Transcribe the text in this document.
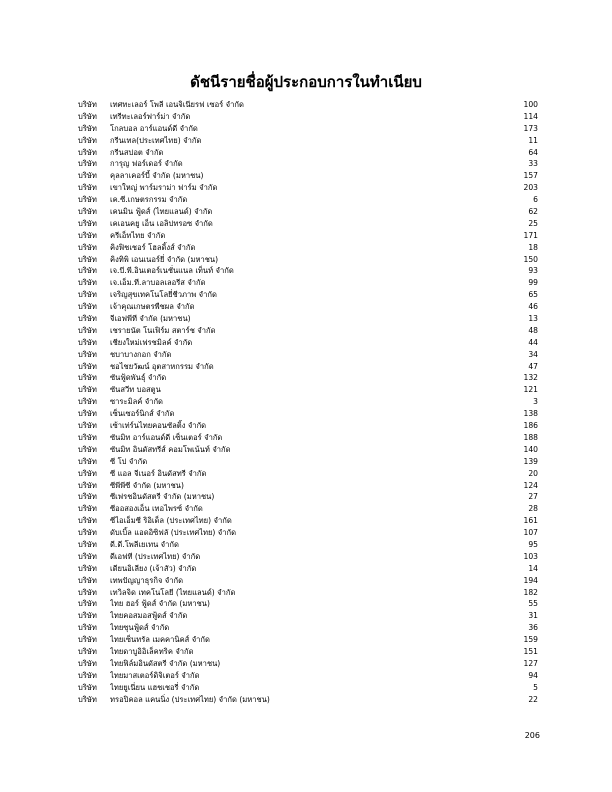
ดัชนีรายชื่อผู้ประกอบการในทำเนียบ
บริษัท	เทศทะเลอร์ โพลี เอนจิเนียรฟ เซอร์ จำกัด	100
บริษัท	เทรีทะเลอร์ฟาร์ม่า จำกัด	114
บริษัท	โกลบอล อาร์แอนด์ดี จำกัด	173
บริษัท	กรีนเทล(ประเทศไทย) จำกัด	11
บริษัท	กรีนสปอต จำกัด	64
บริษัท	การุญ ฟอร์เดอร์ จำกัด	33
บริษัท	คุลลาเคอร์บี้ จำกัด (มหาชน)	157
บริษัท	เขาใหญ่ พาร์มราม่า ฟาร์ม จำกัด	203
บริษัท	เค.ซี.เกษตรกรรม จำกัด	6
บริษัท	เคนมิน ฟู้ดส์ (ไทยแลนด์) จำกัด	62
บริษัท	เคเอนคยู เอ็น เอลิปทรอซ จำกัด	25
บริษัท	ครีเอ็ทไทย จำกัด	171
บริษัท	คิงฟิชเชอร์ โฮลดิ้งส์ จำกัด	18
บริษัท	คิงทิพิ เอนเนอร์ยี่ จำกัด (มหาชน)	150
บริษัท	เจ.บี.พี.อินเตอร์เนชั่นแนล เท็นท์ จำกัด	93
บริษัท	เจ.เอ็ม.ที.ลาบอลเลอรีส จำกัด	99
บริษัท	เจริญสุขเทคโนโลยี่ชีวภาพ จำกัด	65
บริษัท	เจ้าคุณเกษตรพืชผล จำกัด	46
บริษัท	จีเอฟพีที จำกัด (มหาชน)	13
บริษัท	เชรายนัต โนเฟิร์ม สตาร์ช จำกัด	48
บริษัท	เชียงใหม่เฟรชมิลค์ จำกัด	44
บริษัท	ชบาบางกอก จำกัด	34
บริษัท	ชอไชยวัฒน์ อุตสาหกรรม จำกัด	47
บริษัท	ซันฟู้ดพันธุ์ จำกัด	132
บริษัท	ซันสวีท บอสตูน	121
บริษัท	ซาระมิลค์ จำกัด	3
บริษัท	เซ็นเซอร์นิกส์ จำกัด	138
บริษัท	เซ้าเท่ร์นไทยคอนซัลติ้ง จำกัด	186
บริษัท	ซันมิท อาร์แอนด์ดี เซ็นเตอร์ จำกัด	188
บริษัท	ซันมิท อินดัสทรีส์ คอมโพเน้นท์ จำกัด	140
บริษัท	ซี โป จำกัด	139
บริษัท	ซี แอล จีเนอร์ อินดัสทรี จำกัด	20
บริษัท	ซีพีพีซี จำกัด (มหาชน)	124
บริษัท	ซีเฟรชอินดัสตรี จำกัด (มหาชน)	27
บริษัท	ซีออสองเอ็น เทอไพรซ์ จำกัด	28
บริษัท	ซีไอเอ็มซี ริอิเด็ล (ประเทศไทย) จำกัด	161
บริษัท	ดับเบิ้ล แอดอิซิฟลั (ประเทศไทย) จำกัด	107
บริษัท	ดี.ดี.โพลีเยเทน จำกัด	95
บริษัท	ดีเอฟที (ประเทศไทย) จำกัด	103
บริษัท	เดียนอิเลียง (เจ้าสัว) จำกัด	14
บริษัท	เทพปัญญาธุรกิจ จำกัด	194
บริษัท	เทวิลจิด เทคโนโลยี (ไทยแลนด์) จำกัด	182
บริษัท	ไทย ฮอร์ ฟู้ดส์ จำกัด (มหาชน)	55
บริษัท	ไทยคอสมอสฟู้ดส์ จำกัด	31
บริษัท	ไทยซุนฟู้ดส์ จำกัด	36
บริษัท	ไทยเซ็นทรัล เมคคานิคส์ จำกัด	159
บริษัท	ไทยดาบูอิอิเล็คทริค จำกัด	151
บริษัท	ไทยฟิล์มอินดัสตรี จำกัด (มหาชน)	127
บริษัท	ไทยมาสเตอร์ดิจิเตอร์ จำกัด	94
บริษัท	ไทยยูเนี่ยน แฮชเชอรี่ จำกัด	5
บริษัท	ทรอปิคอล แคนนิ่ง (ประเทศไทย) จำกัด (มหาชน)	22
206
